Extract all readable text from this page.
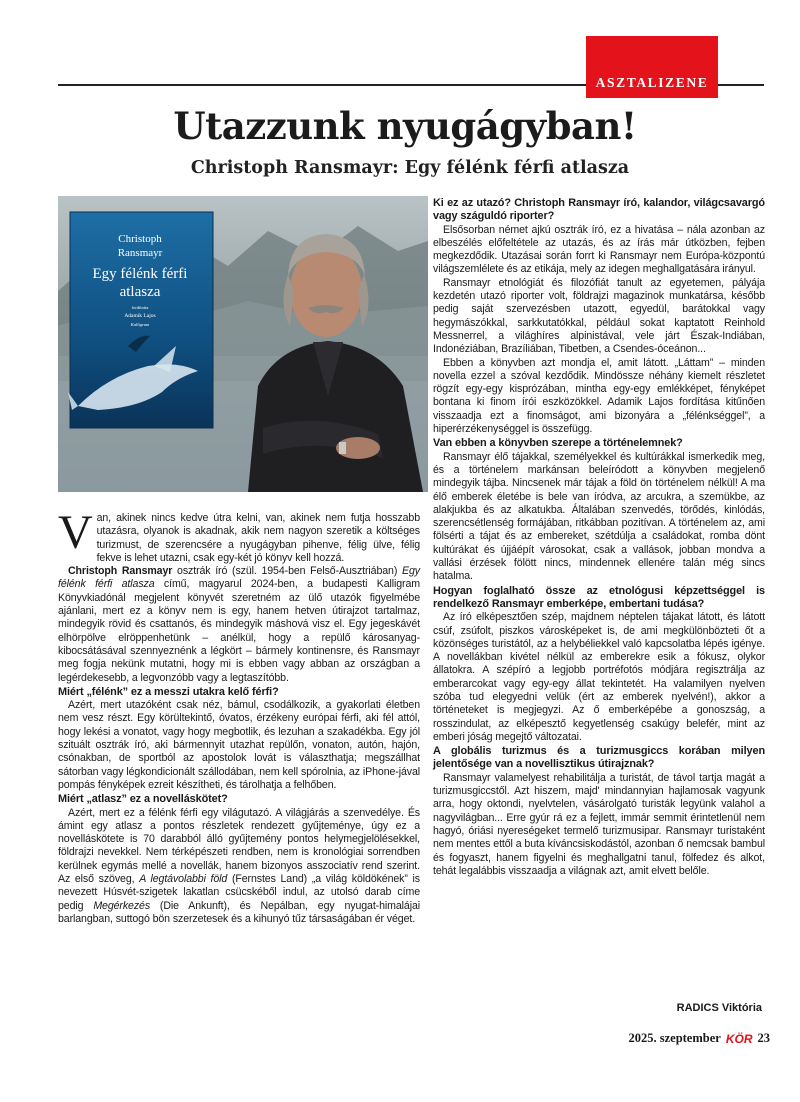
ASZTALIZENE
Utazzunk nyugágyban!
Christoph Ransmayr: Egy félénk férfi atlasza
Christoph
Ransmayr
Egy félénk férfi
atlasza
fordította
Adamik Lajos
Kalligram

Van, akinek nincs kedve útra kelni, van, akinek nem futja hosszabb utazásra, olyanok is akadnak, akik nem nagyon szeretik a költséges turizmust, de szerencsére a nyugágyban pihenve, félig ülve, félig fekve is lehet utazni, csak egy-két jó könyv kell hozzá.

Christoph Ransmayr osztrák író (szül. 1954-ben Felső-Ausztriában) Egy félénk férfi atlasza című, magyarul 2024-ben, a budapesti Kalligram Könyvkiadónál megjelent könyvét szeretném az ülő utazók figyelmébe ajánlani, mert ez a könyv nem is egy, hanem hetven útirajzot tartalmaz, mindegyik rövid és csattanós, és mindegyik máshová visz el. Egy jegeskávét elhörpölve elröppenhetünk – anélkül, hogy a repülő károsanyag-kibocsátásával szennyeznénk a légkört – bármely kontinensre, és Ransmayr meg fogja nekünk mutatni, hogy mi is ebben vagy abban az országban a legérdekesebb, a legvonzóbb vagy a legtaszítóbb.

Miért „félénk” ez a messzi utakra kelő férfi?

Azért, mert utazóként csak néz, bámul, csodálkozik, a gyakorlati életben nem vesz részt. Egy körültekintő, óvatos, érzékeny európai férfi, aki fél attól, hogy lekési a vonatot, vagy hogy megbotlik, és lezuhan a szakadékba. Egy jól szituált osztrák író, aki bármennyit utazhat repülőn, vonaton, autón, hajón, csónakban, de sportból az apostolok lovát is választhatja; megszállhat sátorban vagy légkondicionált szállodában, nem kell spórolnia, az iPhone-jával pompás fényképek ezreit készítheti, és tárolhatja a felhőben.

Miért „atlasz” ez a novelláskötet?

Azért, mert ez a félénk férfi egy világutazó. A világjárás a szenvedélye. És ámint egy atlasz a pontos részletek rendezett gyűjteménye, úgy ez a novelláskötete is 70 darabból álló gyűjtemény pontos helymegjelölésekkel, földrajzi nevekkel. Nem térképészeti rendben, nem is kronológiai sorrendben kerülnek egymás mellé a novellák, hanem bizonyos asszociatív rend szerint. Az első szöveg, A legtávolabbi föld (Fernstes Land) „a világ köldökének” is nevezett Húsvét-szigetek lakatlan csücskéből indul, az utolsó darab címe pedig Megérkezés (Die Ankunft), és Nepálban, egy nyugat-himalájai barlangban, suttogó bön szerzetesek és a kihunyó tűz társaságában ér véget.

Ki ez az utazó? Christoph Ransmayr író, kalandor, világcsavargó vagy száguldó riporter?

Elsősorban német ajkú osztrák író, ez a hivatása – nála azonban az elbeszélés előfeltétele az utazás, és az írás már útközben, fejben megkezdődik. Utazásai során forrt ki Ransmayr nem Európa-központú világszemlélete és az etikája, mely az idegen meghallgatására irányul.

Ransmayr etnológiát és filozófiát tanult az egyetemen, pályája kezdetén utazó riporter volt, földrajzi magazinok munkatársa, később pedig saját szervezésben utazott, egyedül, barátokkal vagy hegymászókkal, sarkkutatókkal, például sokat kaptatott Reinhold Messnerrel, a világhíres alpinistával, vele járt Észak-Indiában, Indonéziában, Brazíliában, Tibetben, a Csendes-óceánon...

Ebben a könyvben azt mondja el, amit látott. „Láttam” – minden novella ezzel a szóval kezdődik. Mindössze néhány kiemelt részletet rögzít egy-egy kisprózában, mintha egy-egy emlékképet, fényképet bontana ki finom írói eszközökkel. Adamik Lajos fordítása kitűnően visszaadja ezt a finomságot, ami bizonyára a „félénkséggel”, a hiperérzékenységgel is összefügg.

Van ebben a könyvben szerepe a történelemnek?

Ransmayr élő tájakkal, személyekkel és kultúrákkal ismerkedik meg, és a történelem markánsan beleíródott a könyvben megjelenő mindegyik tájba. Nincsenek már tájak a föld ön történelem nélkül! A ma élő emberek életébe is bele van íródva, az arcukra, a szemükbe, az alakjukba és az alkatukba. Általában szenvedés, törődés, kinlódás, szerencsétlenség formájában, ritkábban pozitívan. A történelem az, ami fölsérti a tájat és az embereket, szétdúlja a családokat, romba dönt kultúrákat és újjáépít városokat, csak a vallások, jobban mondva a vallási érzések fölött nincs, mindennek ellenére talán még sincs hatalma.

Hogyan foglalható össze az etnológusi képzettséggel is rendelkező Ransmayr emberképe, embertani tudása?

Az író elképesztően szép, majdnem néptelen tájakat látott, és látott csúf, zsúfolt, piszkos városképeket is, de ami megkülönbözteti őt a közönséges turistától, az a helybéliekkel való kapcsolatba lépés igénye. A novellákban kivétel nélkül az emberekre esik a fókusz, olykor állatokra. A szépíró a legjobb portréfotós módjára regisztrálja az emberarcokat vagy egy-egy állat tekintetét. Ha valamilyen nyelven szóba tud elegyedni velük (ért az emberek nyelvén!), akkor a történeteket is megjegyzi. Az ő emberképébe a gonoszság, a rosszindulat, az elképesztő kegyetlenség csakúgy belefér, mint az emberi jóság megejtő változatai.

A globális turizmus és a turizmusgiccs korában milyen jelentősége van a novellisztikus útirajznak?

Ransmayr valamelyest rehabilitálja a turistát, de távol tartja magát a turizmusgiccstől. Azt hiszem, majd' mindannyian hajlamosak vagyunk arra, hogy oktondi, nyelvtelen, vásárolgató turisták legyünk valahol a nagyvilágban... Erre gyúr rá ez a fejlett, immár semmit érintetlenül nem hagyó, óriási nyereségeket termelő turizmusipar. Ransmayr turistaként nem mentes ettől a buta kíváncsiskodástól, azonban ő nemcsak bambul és fogyaszt, hanem figyelni és meghallgatni tanul, fölfedez és alkot, tehát legalábbis visszaadja a világnak azt, amit elvett belőle.

RADICS Viktória
2025. szeptember KÖR 23
